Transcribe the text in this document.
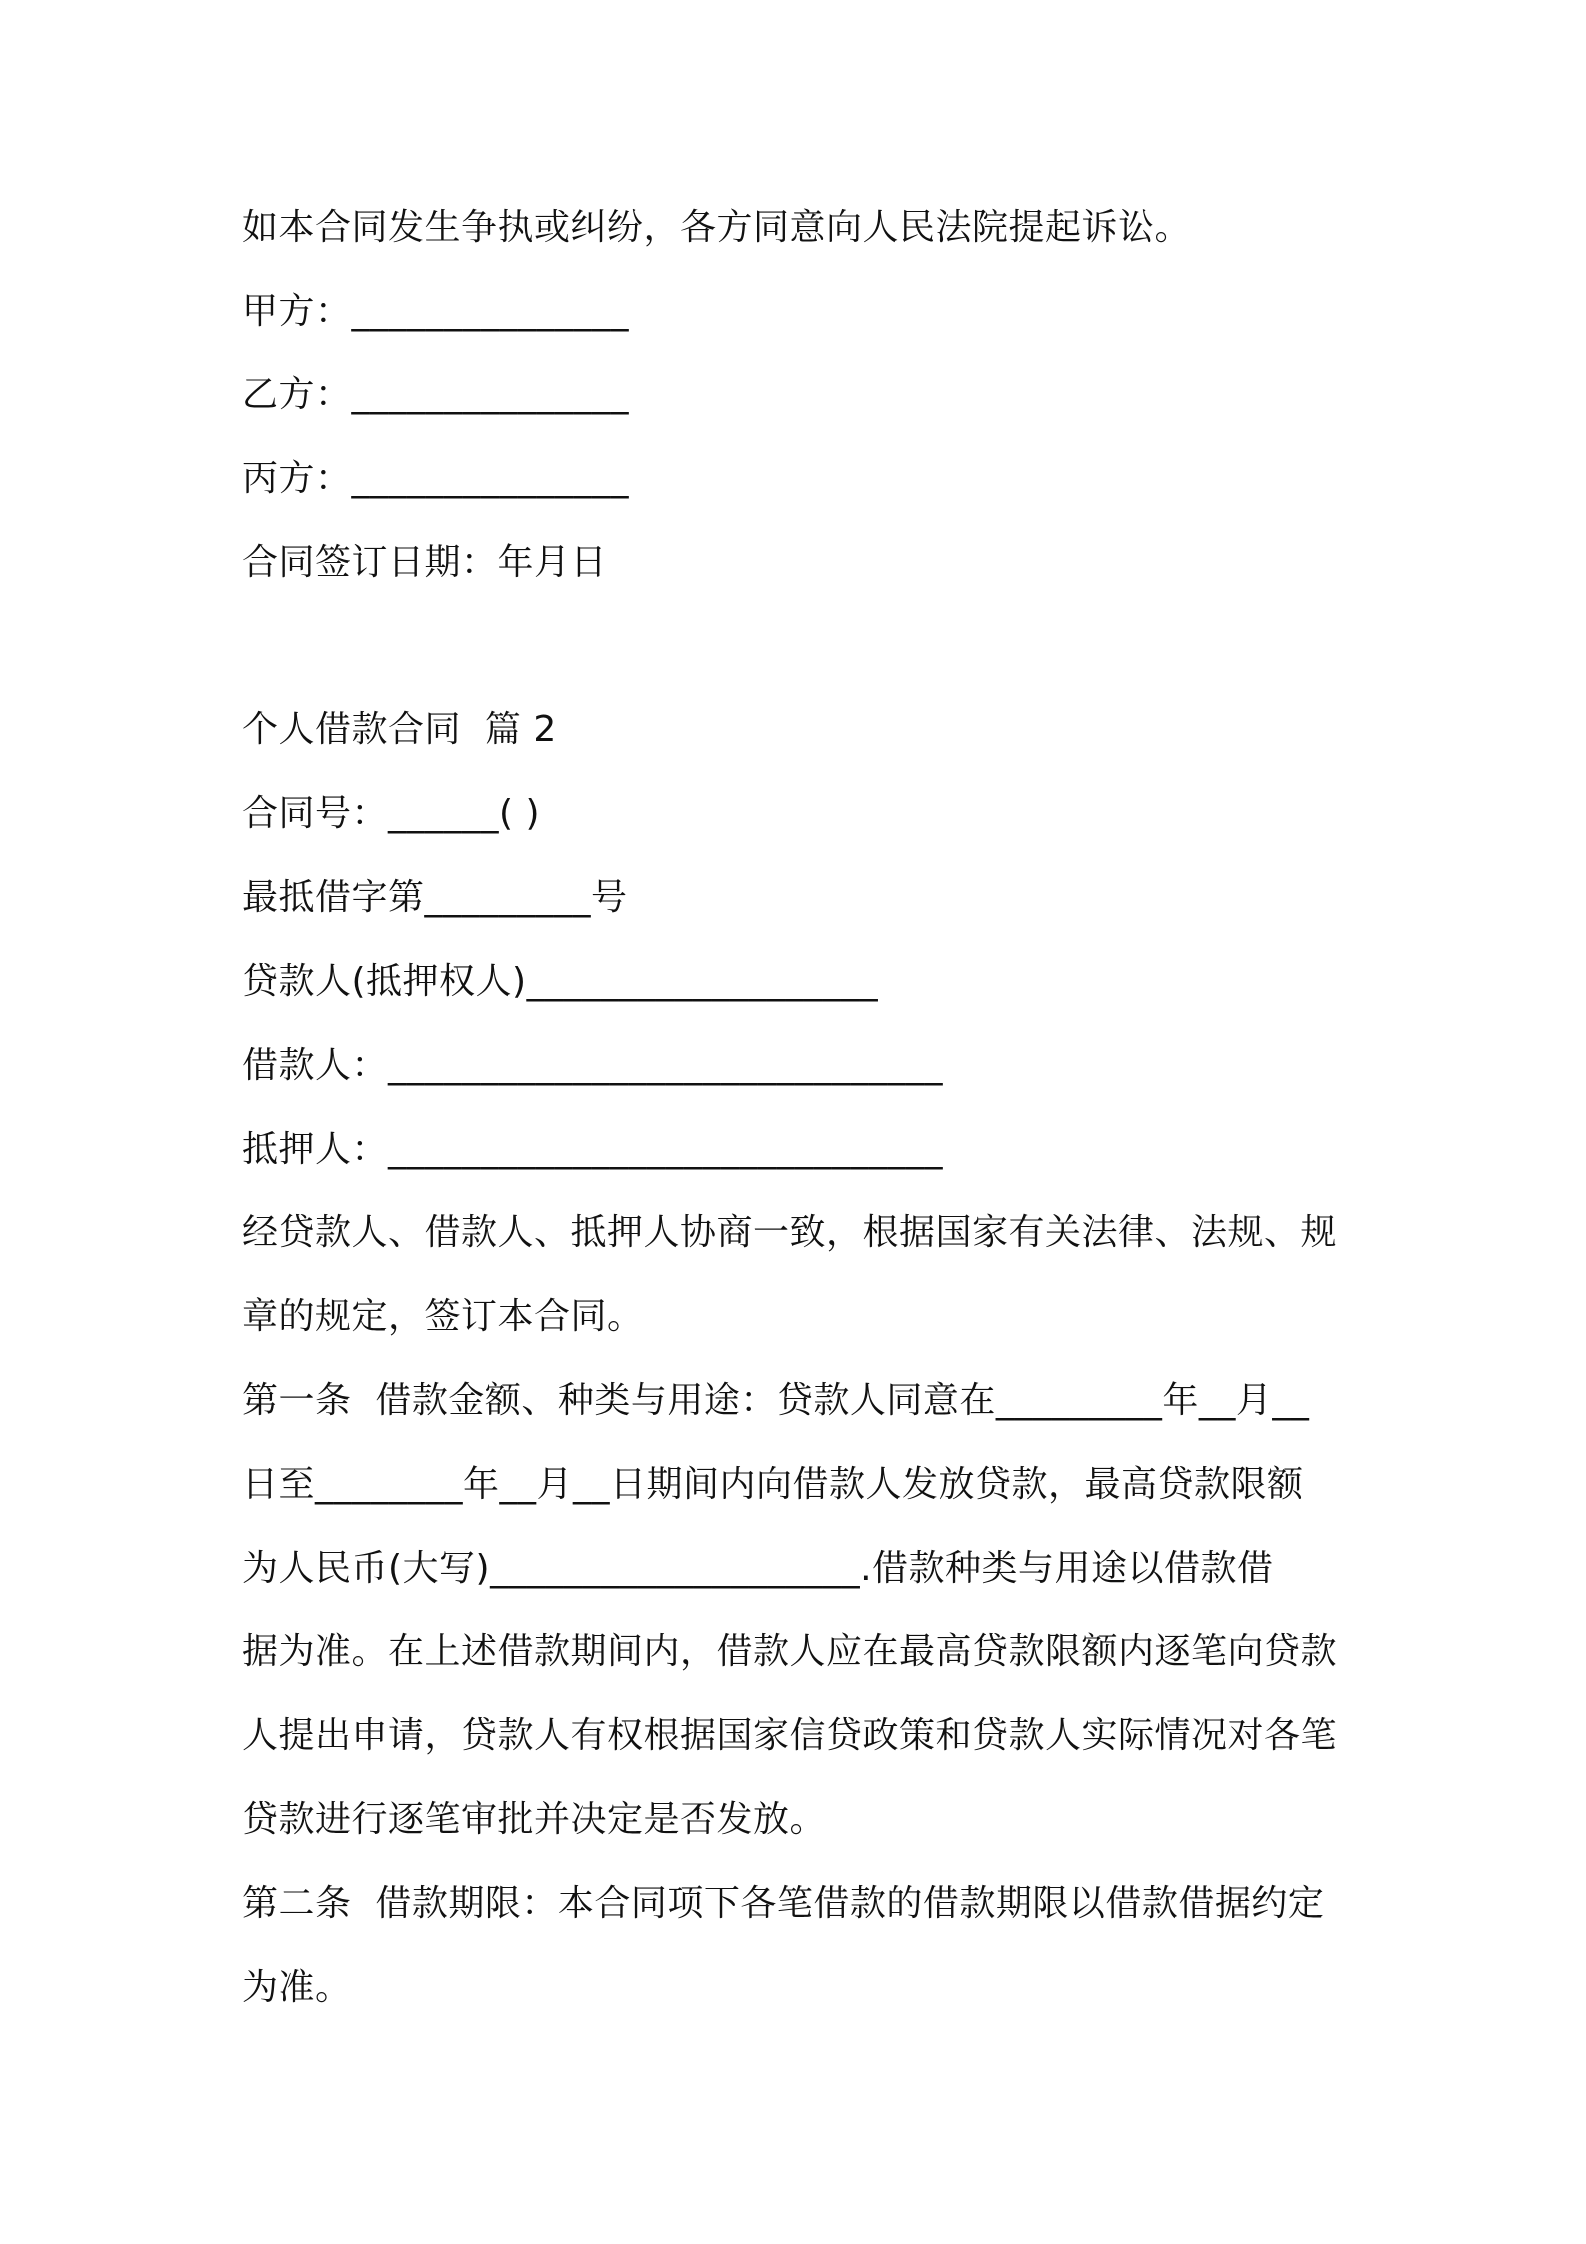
如本合同发生争执或纠纷，各方同意向人民法院提起诉讼。
甲方：_______________
乙方：_______________
丙方：_______________
合同签订日期：年月日
个人借款合同  篇 2
合同号：______( )
最抵借字第_________号
贷款人(抵押权人)___________________
借款人：______________________________
抵押人：______________________________
经贷款人、借款人、抵押人协商一致，根据国家有关法律、法规、规
章的规定，签订本合同。
第一条  借款金额、种类与用途：贷款人同意在_________年__月__
日至________年__月__日期间内向借款人发放贷款，最高贷款限额
为人民币(大写)____________________.借款种类与用途以借款借
据为准。在上述借款期间内，借款人应在最高贷款限额内逐笔向贷款
人提出申请，贷款人有权根据国家信贷政策和贷款人实际情况对各笔
贷款进行逐笔审批并决定是否发放。
第二条  借款期限：本合同项下各笔借款的借款期限以借款借据约定
为准。
